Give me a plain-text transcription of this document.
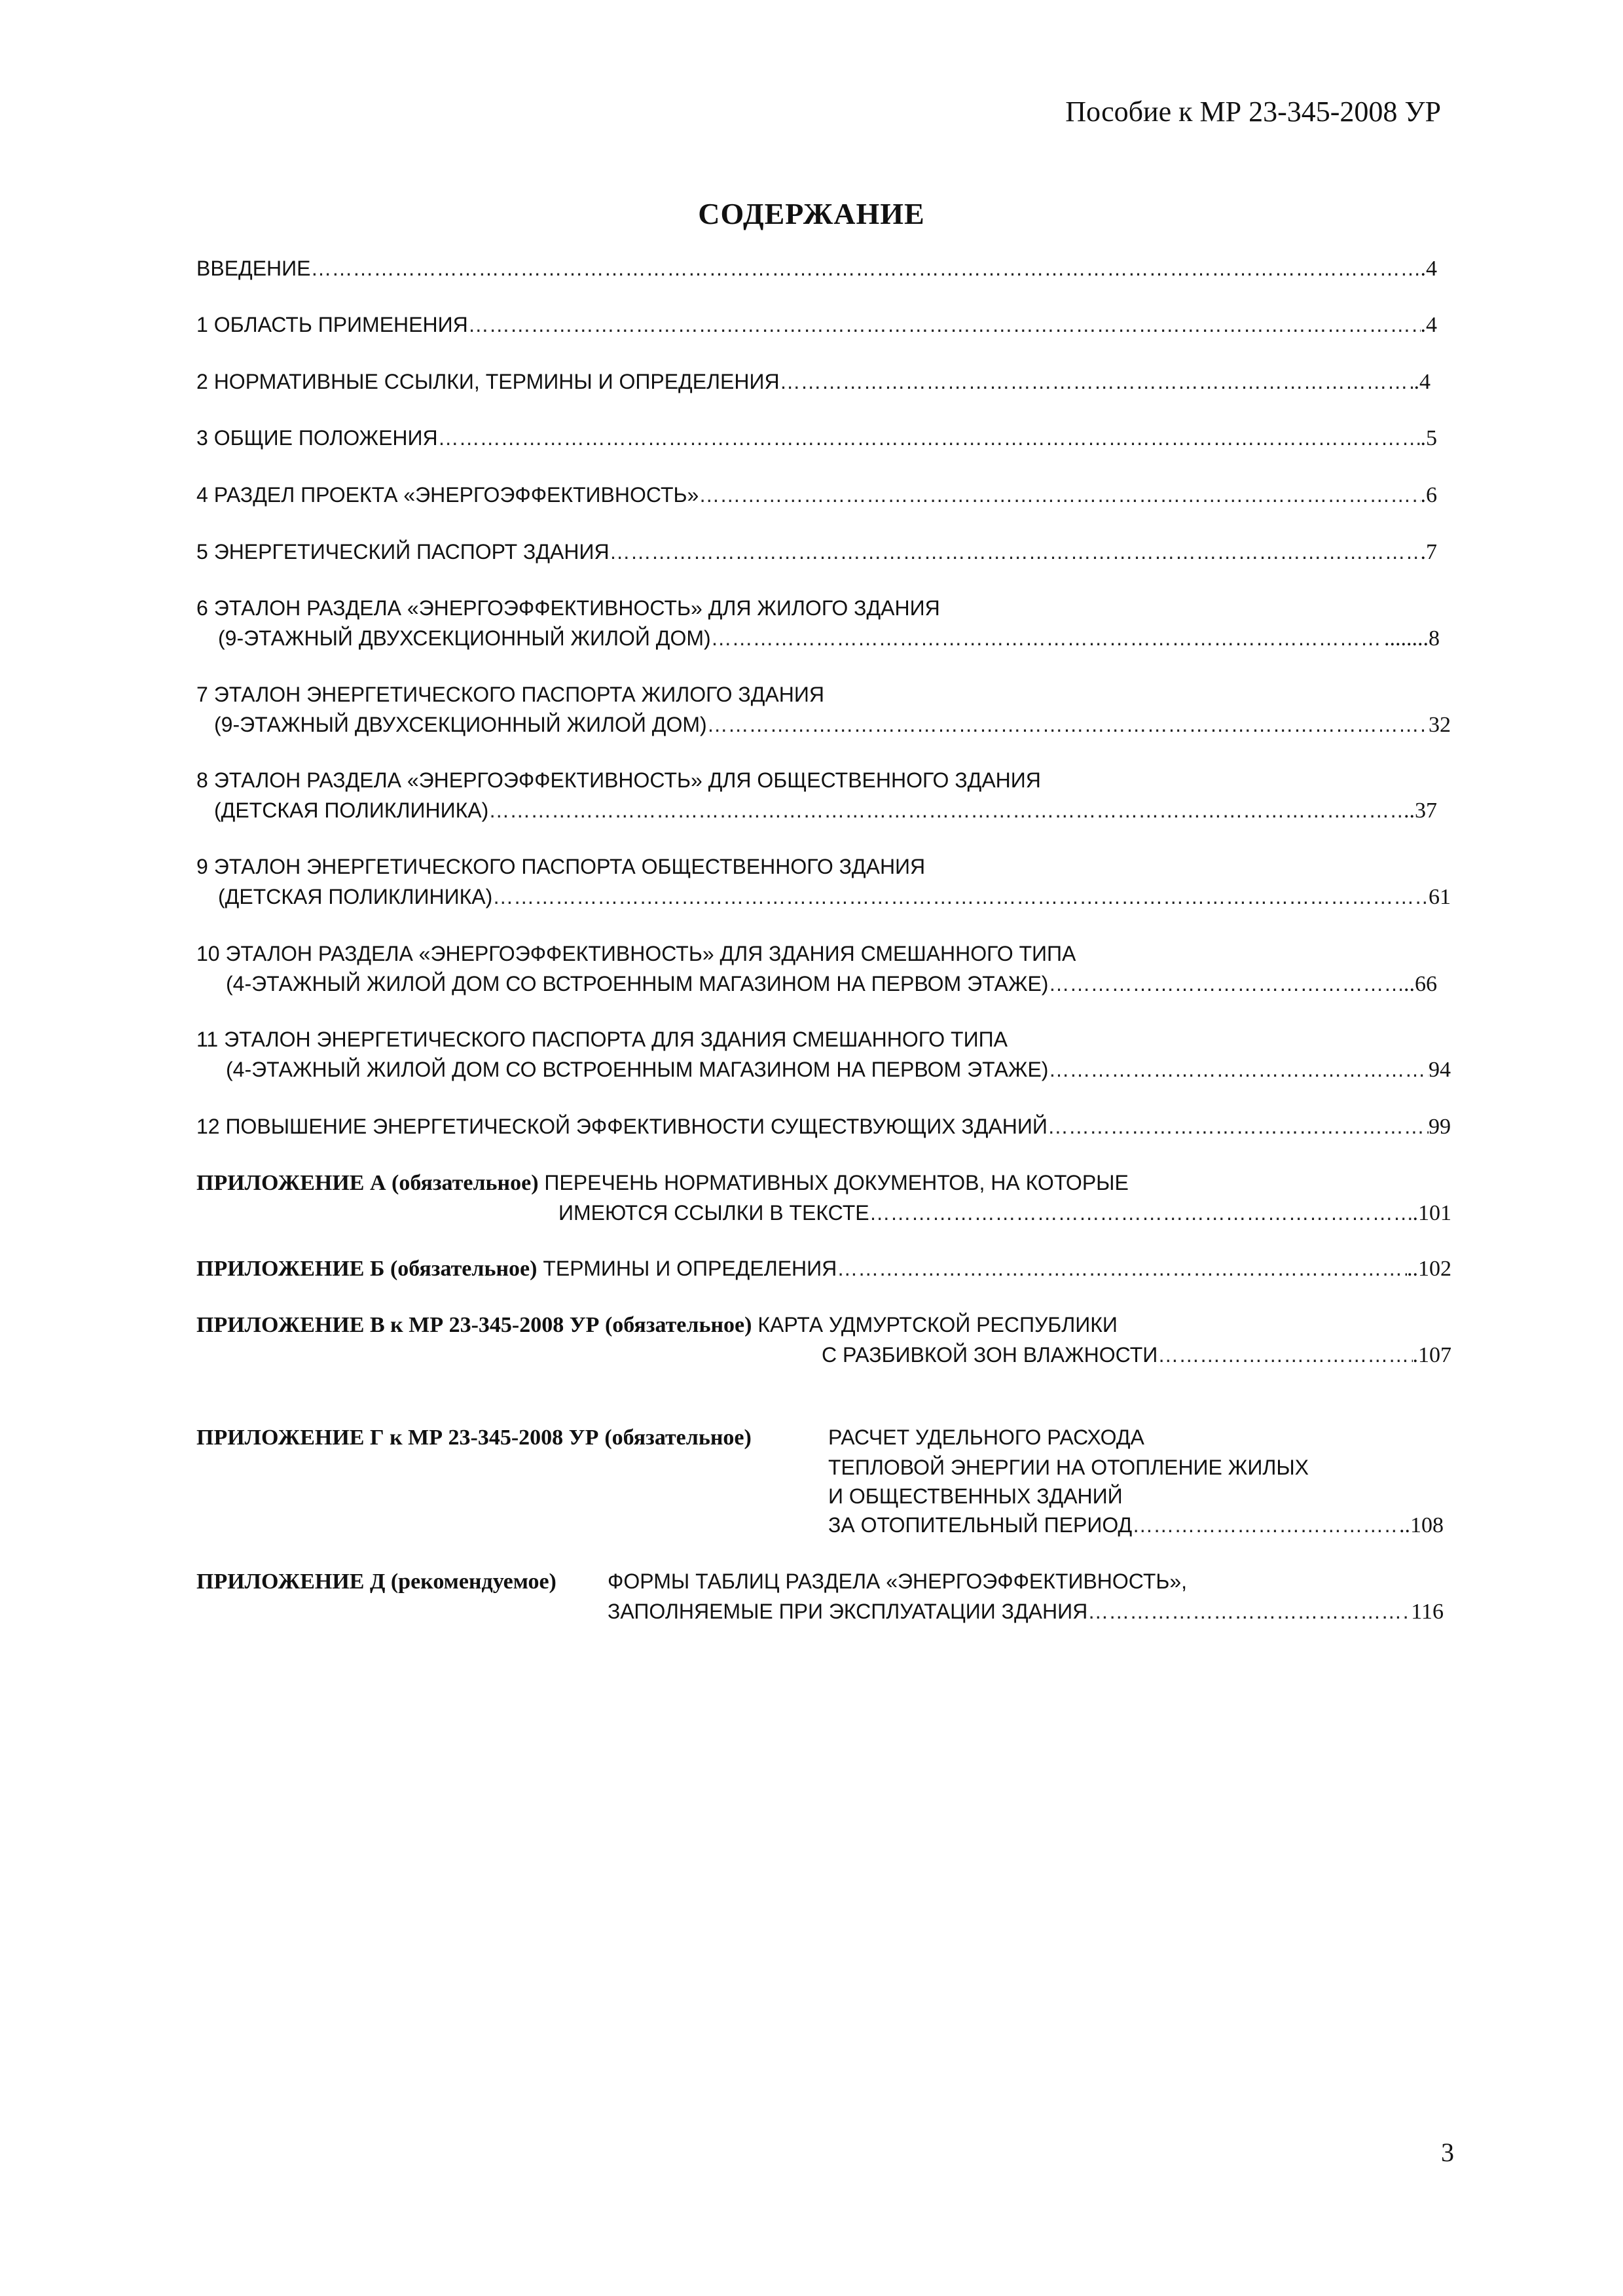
Пособие к МР 23-345-2008 УР
СОДЕРЖАНИЕ
ВВЕДЕНИЕ ……………………………………………………………………………………………………………………………………………………………………………………………………………………………………………………	.4
1 ОБЛАСТЬ ПРИМЕНЕНИЯ ……………………………………………………………………………………………………………………………………………………………………………………………………………………………………………………	.4
2 НОРМАТИВНЫЕ ССЫЛКИ, ТЕРМИНЫ И ОПРЕДЕЛЕНИЯ ……………………………………………………………………………………………………………………………………………………………………………………………………………………………………………………	.4
3 ОБЩИЕ ПОЛОЖЕНИЯ ……………………………………………………………………………………………………………………………………………………………………………………………………………………………………………………	.5
4 РАЗДЕЛ ПРОЕКТА «ЭНЕРГОЭФФЕКТИВНОСТЬ» ……………………………………………………………………………………………………………………………………………………………………………………………………………………………………………………	.6
5 ЭНЕРГЕТИЧЕСКИЙ ПАСПОРТ ЗДАНИЯ ……………………………………………………………………………………………………………………………………………………………………………………………………………………………………………………	.7
6 ЭТАЛОН РАЗДЕЛА «ЭНЕРГОЭФФЕКТИВНОСТЬ» ДЛЯ ЖИЛОГО ЗДАНИЯ
(9-ЭТАЖНЫЙ ДВУХСЕКЦИОННЫЙ ЖИЛОЙ ДОМ) ……………………………………………………………………………………………………………………………………………………………………………………………………………………………………………………	........8
7 ЭТАЛОН ЭНЕРГЕТИЧЕСКОГО ПАСПОРТА ЖИЛОГО ЗДАНИЯ
(9-ЭТАЖНЫЙ ДВУХСЕКЦИОННЫЙ ЖИЛОЙ ДОМ) ……………………………………………………………………………………………………………………………………………………………………………………………………………………………………………………	32
8 ЭТАЛОН РАЗДЕЛА «ЭНЕРГОЭФФЕКТИВНОСТЬ» ДЛЯ ОБЩЕСТВЕННОГО ЗДАНИЯ
(ДЕТСКАЯ ПОЛИКЛИНИКА) ……………………………………………………………………………………………………………………………………………………………………………………………………………………………………………………	..37
9 ЭТАЛОН ЭНЕРГЕТИЧЕСКОГО ПАСПОРТА ОБЩЕСТВЕННОГО ЗДАНИЯ
(ДЕТСКАЯ ПОЛИКЛИНИКА) ……………………………………………………………………………………………………………………………………………………………………………………………………………………………………………………	61
10 ЭТАЛОН РАЗДЕЛА «ЭНЕРГОЭФФЕКТИВНОСТЬ» ДЛЯ ЗДАНИЯ СМЕШАННОГО ТИПА
(4-ЭТАЖНЫЙ ЖИЛОЙ ДОМ СО ВСТРОЕННЫМ МАГАЗИНОМ НА ПЕРВОМ ЭТАЖЕ) ……………………………………………………………………………………………………………………………………………………………………………………………………………………………………………………	..66
11 ЭТАЛОН ЭНЕРГЕТИЧЕСКОГО ПАСПОРТА ДЛЯ ЗДАНИЯ СМЕШАННОГО ТИПА
(4-ЭТАЖНЫЙ ЖИЛОЙ ДОМ СО ВСТРОЕННЫМ МАГАЗИНОМ НА ПЕРВОМ ЭТАЖЕ) ……………………………………………………………………………………………………………………………………………………………………………………………………………………………………………………	94
12 ПОВЫШЕНИЕ ЭНЕРГЕТИЧЕСКОЙ ЭФФЕКТИВНОСТИ СУЩЕСТВУЮЩИХ ЗДАНИЙ ……………………………………………………………………………………………………………………………………………………………………………………………………………………………………………………	99
ПРИЛОЖЕНИЕ А (обязательное) ПЕРЕЧЕНЬ НОРМАТИВНЫХ ДОКУМЕНТОВ, НА КОТОРЫЕ
ИМЕЮТСЯ ССЫЛКИ В ТЕКСТЕ ……………………………………………………………………………………………………………………………………………………………………………………………………………………………………………………	.101
ПРИЛОЖЕНИЕ Б (обязательное) ТЕРМИНЫ И ОПРЕДЕЛЕНИЯ ……………………………………………………………………………………………………………………………………………………………………………………………………………………………………………………	..102
ПРИЛОЖЕНИЕ В к МР 23-345-2008 УР (обязательное) КАРТА УДМУРТСКОЙ РЕСПУБЛИКИ
С РАЗБИВКОЙ ЗОН ВЛАЖНОСТИ ……………………………………………………………………………………………………………………………………………………………………………………………………………………………………………………	.107
ПРИЛОЖЕНИЕ Г к МР 23-345-2008 УР (обязательное)	РАСЧЕТ УДЕЛЬНОГО РАСХОДА
ТЕПЛОВОЙ ЭНЕРГИИ НА ОТОПЛЕНИЕ ЖИЛЫХ
И ОБЩЕСТВЕННЫХ ЗДАНИЙ
ЗА ОТОПИТЕЛЬНЫЙ ПЕРИОД ……………………………………………………………………………………………………………………………………………………………………………………………………………………………………………………	..108
ПРИЛОЖЕНИЕ Д (рекомендуемое) ФОРМЫ ТАБЛИЦ РАЗДЕЛА «ЭНЕРГОЭФФЕКТИВНОСТЬ»,
ЗАПОЛНЯЕМЫЕ ПРИ ЭКСПЛУАТАЦИИ ЗДАНИЯ ……………………………………………………………………………………………………………………………………………………………………………………………………………………………………………………	116
3
